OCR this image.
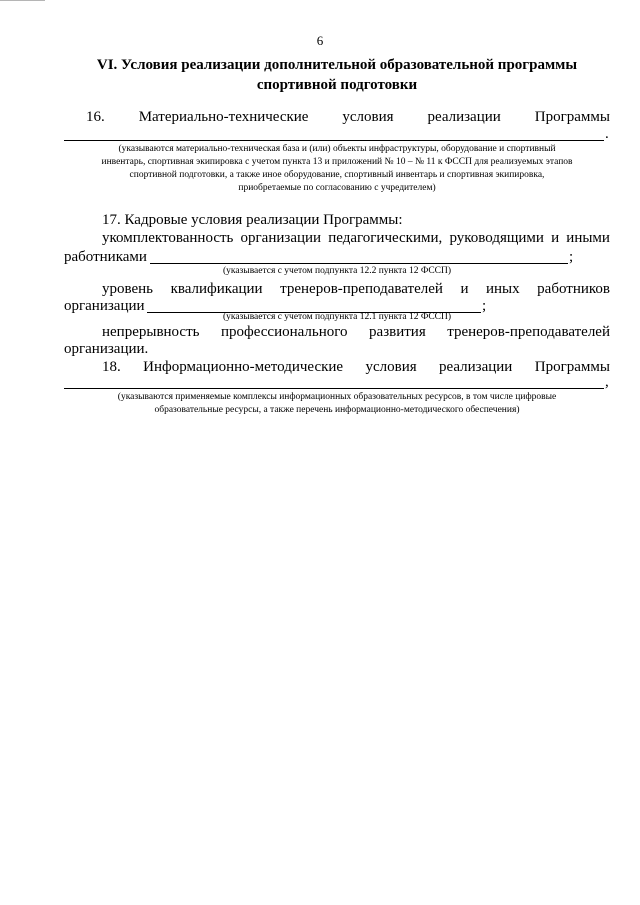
6
VI. Условия реализации дополнительной образовательной программы
спортивной подготовки
16. Материально-технические условия реализации Программы
.
(указываются материально-техническая база и (или) объекты инфраструктуры, оборудование и спортивный
инвентарь, спортивная экипировка с учетом пункта 13 и приложений № 10 – № 11 к ФССП для реализуемых этапов
спортивной подготовки, а также иное оборудование, спортивный инвентарь и спортивная экипировка,
приобретаемые по согласованию с учредителем)
17. Кадровые условия реализации Программы:
укомплектованность организации педагогическими, руководящими и иными
работниками	;
(указывается с учетом подпункта 12.2 пункта 12 ФССП)
уровень квалификации тренеров-преподавателей и иных работников
организации	;
(указывается с учетом подпункта 12.1 пункта 12 ФССП)
непрерывность профессионального развития тренеров-преподавателей
организации.
18. Информационно-методические условия реализации Программы
,
(указываются применяемые комплексы информационных образовательных ресурсов, в том числе цифровые
образовательные ресурсы, а также перечень информационно-методического обеспечения)
